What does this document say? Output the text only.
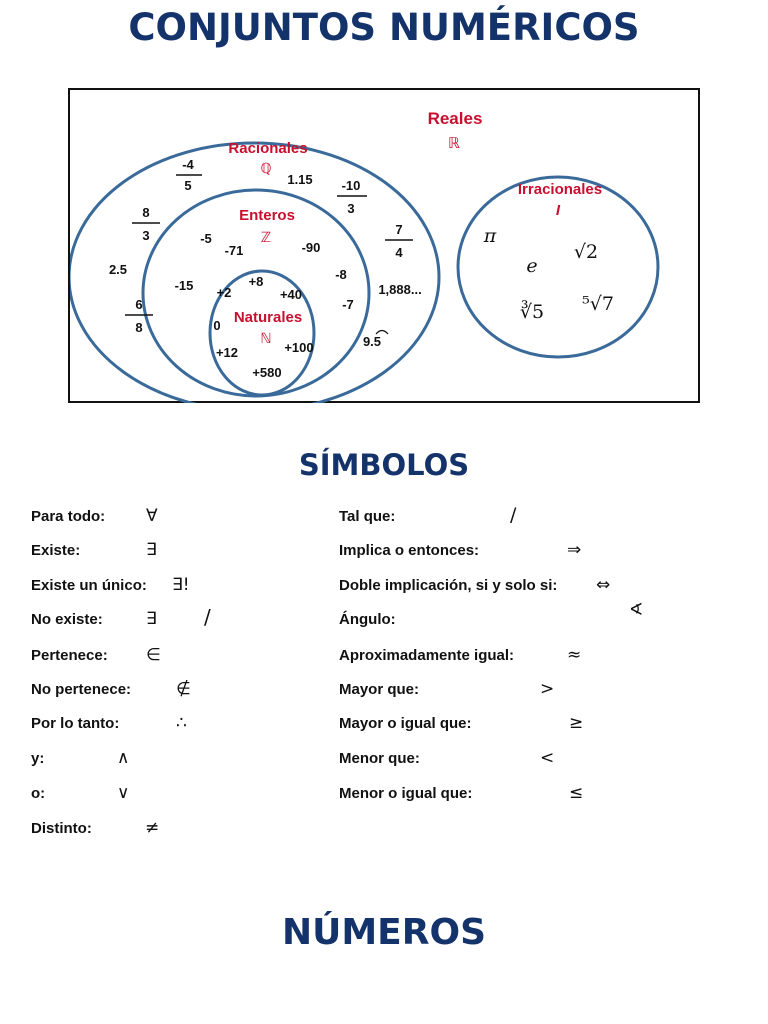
CONJUNTOS NUMÉRICOS
Reales
ℝ
Racionales
ℚ
Enteros
ℤ
Naturales
ℕ
Irracionales
I
-4
5
8
3
6
8
-10
3
7
4
1.15
2.5
1,888...
9.5
-5
-71	-90
-15
-8
-7
+8
+2	+40
0
+12	+100
+580
π
e
√2
∛5 ⁵√7
SÍMBOLOS
Para todo: ∀
Existe:	∃
Existe un único: ∃!
No existe:	∃ /
Pertenece: ∈
No pertenece:	∉
Por lo tanto:	∴
y:	∧
o:	∨
Distinto:	≠
Tal que:	/
Implica o entonces:	⇒
Doble implicación, si y solo si: ⇔
Ángulo:	∢
Aproximadamente igual:	≈
Mayor que:	>
Mayor o igual que:	≥
Menor que:	<
Menor o igual que:	≤
NÚMEROS
